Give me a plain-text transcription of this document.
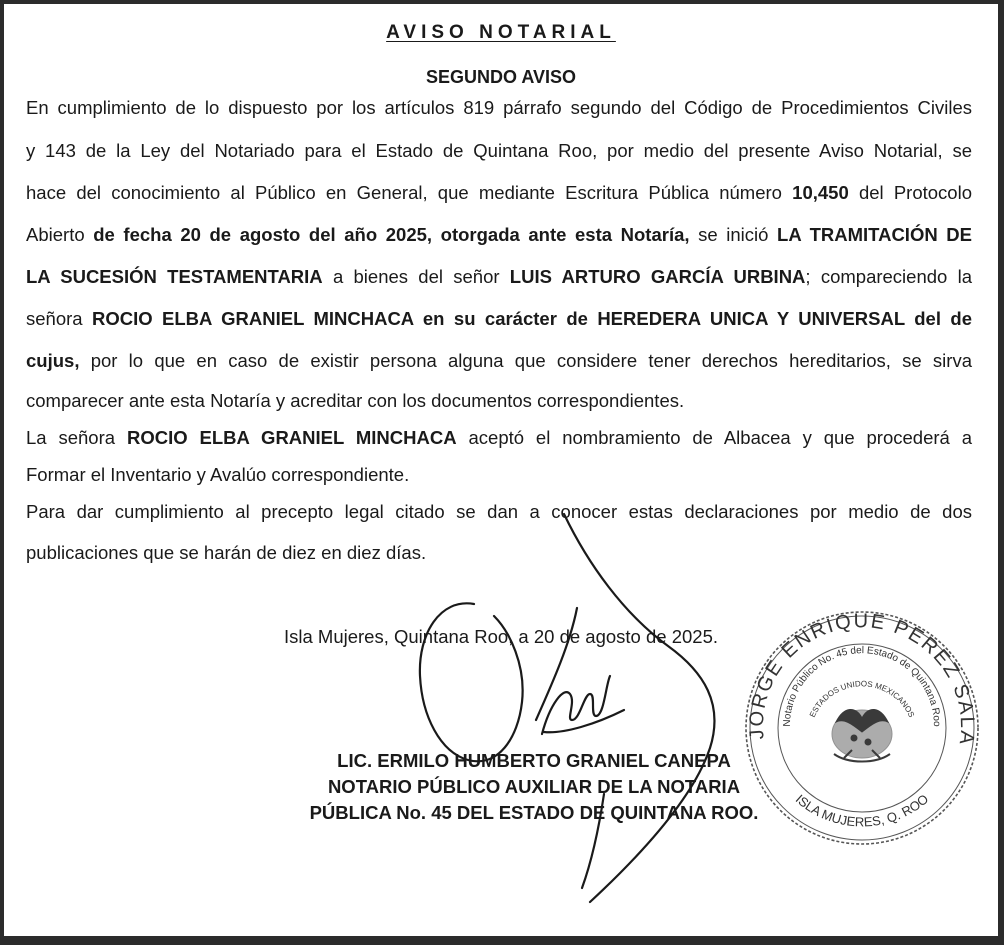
AVISO NOTARIAL
SEGUNDO AVISO
En cumplimiento de lo dispuesto por los artículos 819 párrafo segundo del Código de Procedimientos Civiles
y 143 de la Ley del Notariado para el Estado de Quintana Roo, por medio del presente Aviso Notarial, se
hace del conocimiento al Público en General, que mediante Escritura Pública número 10,450 del Protocolo
Abierto de fecha 20 de agosto del año 2025, otorgada ante esta Notaría, se inició LA TRAMITACIÓN DE
LA SUCESIÓN TESTAMENTARIA a bienes del señor LUIS ARTURO GARCÍA URBINA; compareciendo la
señora ROCIO ELBA GRANIEL MINCHACA en su carácter de HEREDERA UNICA Y UNIVERSAL del de
cujus, por lo que en caso de existir persona alguna que considere tener derechos hereditarios, se sirva
comparecer ante esta Notaría y acreditar con los documentos correspondientes.
La señora ROCIO ELBA GRANIEL MINCHACA aceptó el nombramiento de Albacea y que procederá a
Formar el Inventario y Avalúo correspondiente.
Para dar cumplimiento al precepto legal citado se dan a conocer estas declaraciones por medio de dos
publicaciones que se harán de diez en diez días.
Isla Mujeres, Quintana Roo, a 20 de agosto de 2025.
LIC. ERMILO HUMBERTO GRANIEL CANEPA
NOTARIO PÚBLICO AUXILIAR DE LA NOTARIA
PÚBLICA No. 45 DEL ESTADO DE QUINTANA ROO.
JORGE ENRIQUE PEREZ SALA
Notario Público No. 45 del Estado de Quintana Roo
ESTADOS UNIDOS MEXICANOS
ISLA MUJERES, Q. ROO
